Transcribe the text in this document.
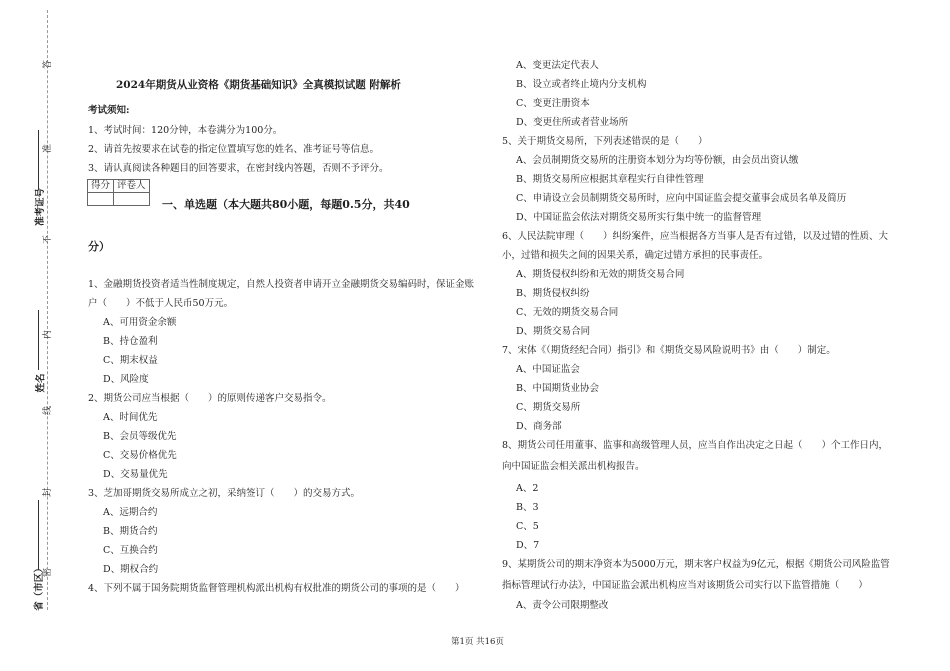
答
准
不
内
线
封
密
准考证号
姓名
省（市区）
2024年期货从业资格《期货基础知识》全真模拟试题 附解析
考试须知:
1、考试时间：120分钟，本卷满分为100分。
2、请首先按要求在试卷的指定位置填写您的姓名、准考证号等信息。
3、请认真阅读各种题目的回答要求，在密封线内答题，否则不予评分。
得分	评卷人

一、单选题（本大题共80小题，每题0.5分，共40
分）
1、金融期货投资者适当性制度规定，自然人投资者申请开立金融期货交易编码时，保证金账
户（　　）不低于人民币50万元。
A、可用资金余额
B、持仓盈利
C、期末权益
D、风险度
2、期货公司应当根据（　　）的原则传递客户交易指令。
A、时间优先
B、会员等级优先
C、交易价格优先
D、交易量优先
3、芝加哥期货交易所成立之初，采纳签订（　　）的交易方式。
A、远期合约
B、期货合约
C、互换合约
D、期权合约
4、下列不属于国务院期货监督管理机构派出机构有权批准的期货公司的事项的是（　　）
A、变更法定代表人
B、设立或者终止境内分支机构
C、变更注册资本
D、变更住所或者营业场所
5、关于期货交易所，下列表述错误的是（　　）
A、会员制期货交易所的注册资本划分为均等份额，由会员出资认缴
B、期货交易所应根据其章程实行自律性管理
C、申请设立会员制期货交易所时，应向中国证监会提交董事会成员名单及简历
D、中国证监会依法对期货交易所实行集中统一的监督管理
6、人民法院审理（　　）纠纷案件，应当根据各方当事人是否有过错，以及过错的性质、大
小，过错和损失之间的因果关系，确定过错方承担的民事责任。
A、期货侵权纠纷和无效的期货交易合同
B、期货侵权纠纷
C、无效的期货交易合同
D、期货交易合同
7、宋体《（期货经纪合同）指引》和《期货交易风险说明书》由（　　）制定。
A、中国证监会
B、中国期货业协会
C、期货交易所
D、商务部
8、期货公司任用董事、监事和高级管理人员，应当自作出决定之日起（　　）个工作日内，
向中国证监会相关派出机构报告。
A、2
B、3
C、5
D、7
9、某期货公司的期末净资本为5000万元，期末客户权益为9亿元，根据《期货公司风险监管
指标管理试行办法》，中国证监会派出机构应当对该期货公司实行以下监管措施（　　）
A、责令公司限期整改
第1页 共16页
